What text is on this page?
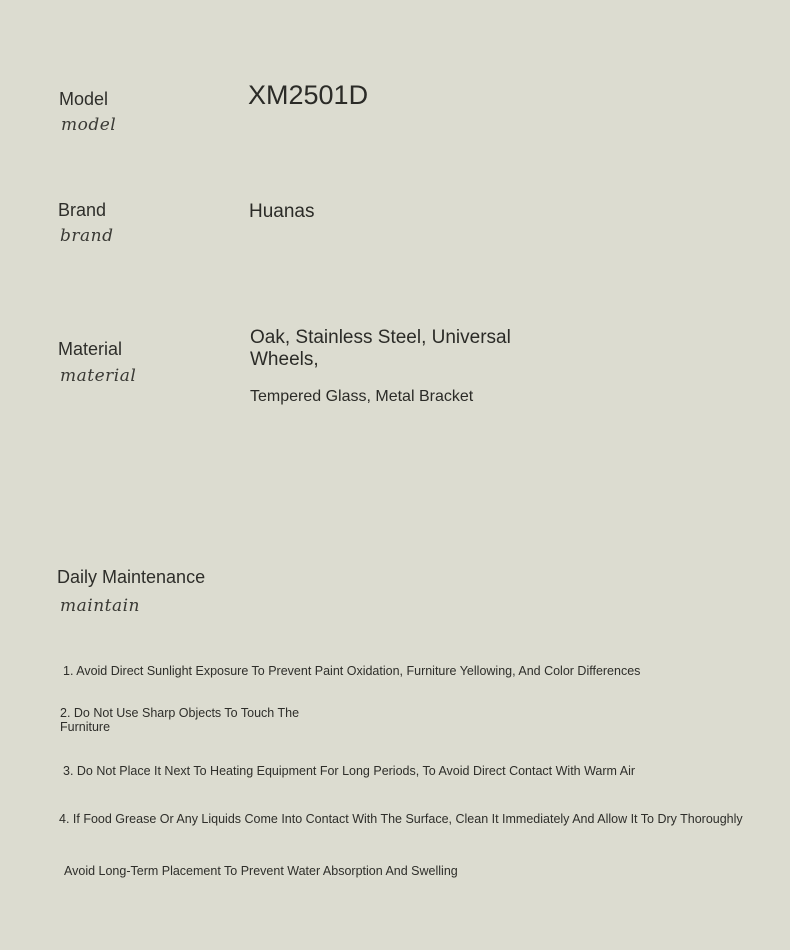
Model
model
XM2501D
Brand
brand
Huanas
Material
material
Oak, Stainless Steel, Universal
Wheels,
Tempered Glass, Metal Bracket
Daily Maintenance
maintain
1. Avoid Direct Sunlight Exposure To Prevent Paint Oxidation, Furniture Yellowing, And Color Differences
2. Do Not Use Sharp Objects To Touch The
Furniture
3. Do Not Place It Next To Heating Equipment For Long Periods, To Avoid Direct Contact With Warm Air
4. If Food Grease Or Any Liquids Come Into Contact With The Surface, Clean It Immediately And Allow It To Dry Thoroughly
Avoid Long-Term Placement To Prevent Water Absorption And Swelling
